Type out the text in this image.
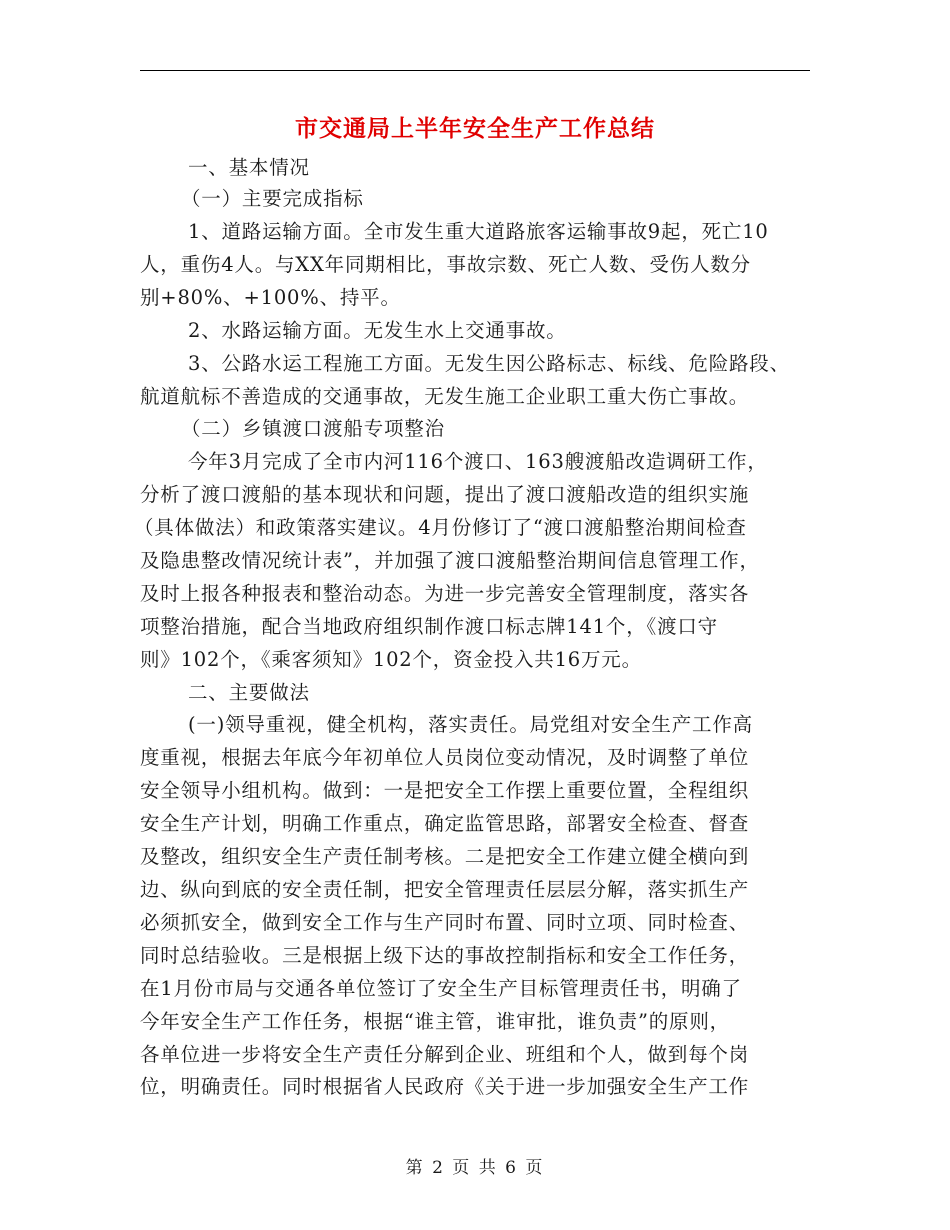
市交通局上半年安全生产工作总结
一、基本情况
（一）主要完成指标
1、道路运输方面。全市发生重大道路旅客运输事故9起，死亡10
人，重伤4人。与XX年同期相比，事故宗数、死亡人数、受伤人数分
别+80%、+100%、持平。
2、水路运输方面。无发生水上交通事故。
3、公路水运工程施工方面。无发生因公路标志、标线、危险路段、
航道航标不善造成的交通事故，无发生施工企业职工重大伤亡事故。
（二）乡镇渡口渡船专项整治
今年3月完成了全市内河116个渡口、163艘渡船改造调研工作，
分析了渡口渡船的基本现状和问题，提出了渡口渡船改造的组织实施
（具体做法）和政策落实建议。4月份修订了“渡口渡船整治期间检查
及隐患整改情况统计表”，并加强了渡口渡船整治期间信息管理工作，
及时上报各种报表和整治动态。为进一步完善安全管理制度，落实各
项整治措施，配合当地政府组织制作渡口标志牌141个，《渡口守
则》102个，《乘客须知》102个，资金投入共16万元。
二、主要做法
(一)领导重视，健全机构，落实责任。局党组对安全生产工作高
度重视，根据去年底今年初单位人员岗位变动情况，及时调整了单位
安全领导小组机构。做到：一是把安全工作摆上重要位置，全程组织
安全生产计划，明确工作重点，确定监管思路，部署安全检查、督查
及整改，组织安全生产责任制考核。二是把安全工作建立健全横向到
边、纵向到底的安全责任制，把安全管理责任层层分解，落实抓生产
必须抓安全，做到安全工作与生产同时布置、同时立项、同时检查、
同时总结验收。三是根据上级下达的事故控制指标和安全工作任务，
在1月份市局与交通各单位签订了安全生产目标管理责任书，明确了
今年安全生产工作任务，根据“谁主管，谁审批，谁负责”的原则，
各单位进一步将安全生产责任分解到企业、班组和个人，做到每个岗
位，明确责任。同时根据省人民政府《关于进一步加强安全生产工作
第 2 页 共 6 页
